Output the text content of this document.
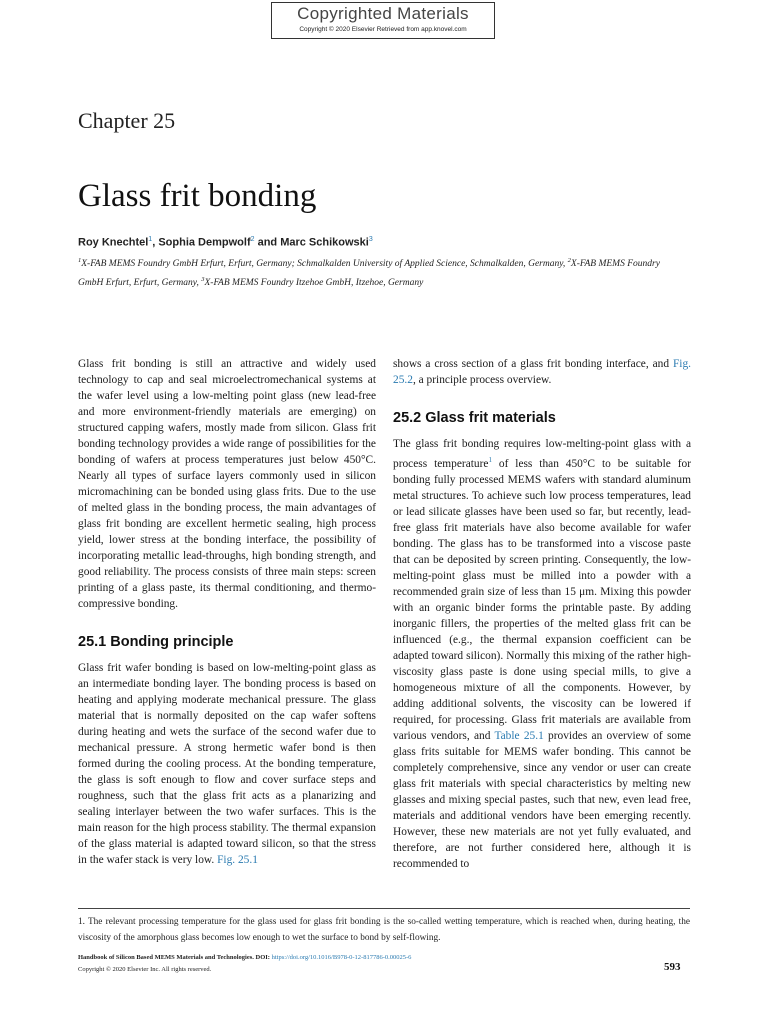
Copyrighted Materials
Copyright © 2020 Elsevier Retrieved from app.knovel.com
Chapter 25
Glass frit bonding
Roy Knechtel$^1$, Sophia Dempwolf$^2$ and Marc Schikowski$^3$
$^1$X-FAB MEMS Foundry GmbH Erfurt, Erfurt, Germany; Schmalkalden University of Applied Science, Schmalkalden, Germany, $^2$X-FAB MEMS Foundry GmbH Erfurt, Erfurt, Germany, $^3$X-FAB MEMS Foundry Itzehoe GmbH, Itzehoe, Germany

Glass frit bonding is still an attractive and widely used technology to cap and seal microelectromechanical systems at the wafer level using a low-melting point glass (new lead-free and more environment-friendly materials are emerging) on structured capping wafers, mostly made from silicon. Glass frit bonding technology provides a wide range of possibilities for the bonding of wafers at process temperatures just below 450°C. Nearly all types of surface layers commonly used in silicon micromachining can be bonded using glass frits. Due to the use of melted glass in the bonding process, the main advantages of glass frit bonding are excellent hermetic sealing, high process yield, lower stress at the bonding interface, the possibility of incorporating metallic lead-throughs, high bonding strength, and good reliability. The process consists of three main steps: screen printing of a glass paste, its thermal conditioning, and thermo-compressive bonding.

25.1 Bonding principle

Glass frit wafer bonding is based on low-melting-point glass as an intermediate bonding layer. The bonding process is based on heating and applying moderate mechanical pressure. The glass material that is normally deposited on the cap wafer softens during heating and wets the surface of the second wafer due to mechanical pressure. A strong hermetic wafer bond is then formed during the cooling process. At the bonding temperature, the glass is soft enough to flow and cover surface steps and roughness, such that the glass frit acts as a planarizing and sealing interlayer between the two wafer surfaces. This is the main reason for the high process stability. The thermal expansion of the glass material is adapted toward silicon, so that the stress in the wafer stack is very low. Fig. 25.1

shows a cross section of a glass frit bonding interface, and Fig. 25.2, a principle process overview.

25.2 Glass frit materials

The glass frit bonding requires low-melting-point glass with a process temperature$^1$ of less than 450°C to be suitable for bonding fully processed MEMS wafers with standard aluminum metal structures. To achieve such low process temperatures, lead or lead silicate glasses have been used so far, but recently, lead-free glass frit materials have also become available for wafer bonding. The glass has to be transformed into a viscose paste that can be deposited by screen printing. Consequently, the low-melting-point glass must be milled into a powder with a recommended grain size of less than 15 μm. Mixing this powder with an organic binder forms the printable paste. By adding inorganic fillers, the properties of the melted glass frit can be influenced (e.g., the thermal expansion coefficient can be adapted toward silicon). Normally this mixing of the rather high-viscosity glass paste is done using special mills, to give a homogeneous mixture of all the components. However, by adding additional solvents, the viscosity can be lowered if required, for processing. Glass frit materials are available from various vendors, and Table 25.1 provides an overview of some glass frits suitable for MEMS wafer bonding. This cannot be completely comprehensive, since any vendor or user can create glass frit materials with special characteristics by melting new glasses and mixing special pastes, such that new, even lead free, materials and additional vendors have been emerging recently. However, these new materials are not yet fully evaluated, and therefore, are not further considered here, although it is recommended to

1. The relevant processing temperature for the glass used for glass frit bonding is the so-called wetting temperature, which is reached when, during heating, the viscosity of the amorphous glass becomes low enough to wet the surface to bond by self-flowing.
Handbook of Silicon Based MEMS Materials and Technologies. DOI: https://doi.org/10.1016/B978-0-12-817786-0.00025-6
Copyright © 2020 Elsevier Inc. All rights reserved.	593
